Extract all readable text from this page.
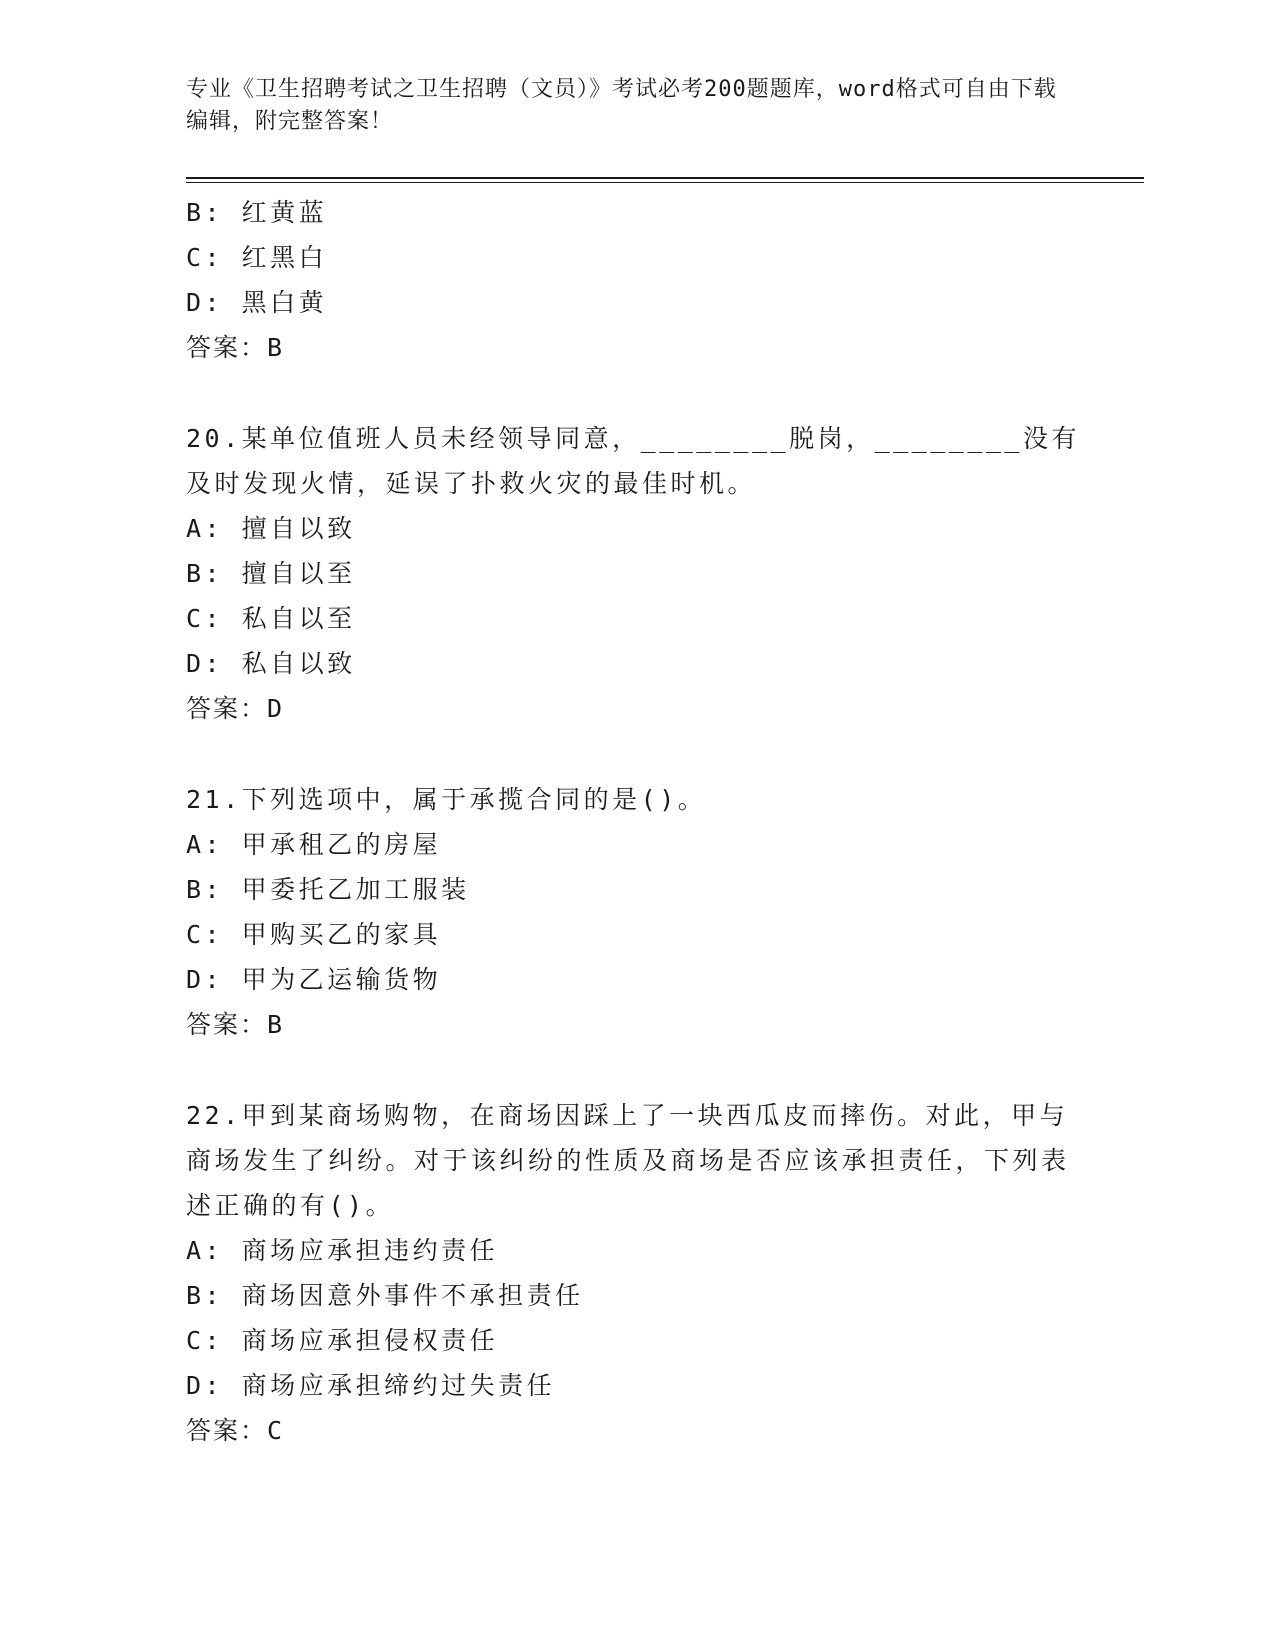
专业《卫生招聘考试之卫生招聘（文员）》考试必考200题题库，word格式可自由下载编辑，附完整答案！
B: 红黄蓝
C: 红黑白
D: 黑白黄
答案：B
20.某单位值班人员未经领导同意，________脱岗，________没有及时发现火情，延误了扑救火灾的最佳时机。
A: 擅自以致
B: 擅自以至
C: 私自以至
D: 私自以致
答案：D
21.下列选项中，属于承揽合同的是()。
A: 甲承租乙的房屋
B: 甲委托乙加工服装
C: 甲购买乙的家具
D: 甲为乙运输货物
答案：B
22.甲到某商场购物，在商场因踩上了一块西瓜皮而摔伤。对此，甲与商场发生了纠纷。对于该纠纷的性质及商场是否应该承担责任，下列表述正确的有()。
A: 商场应承担违约责任
B: 商场因意外事件不承担责任
C: 商场应承担侵权责任
D: 商场应承担缔约过失责任
答案：C
